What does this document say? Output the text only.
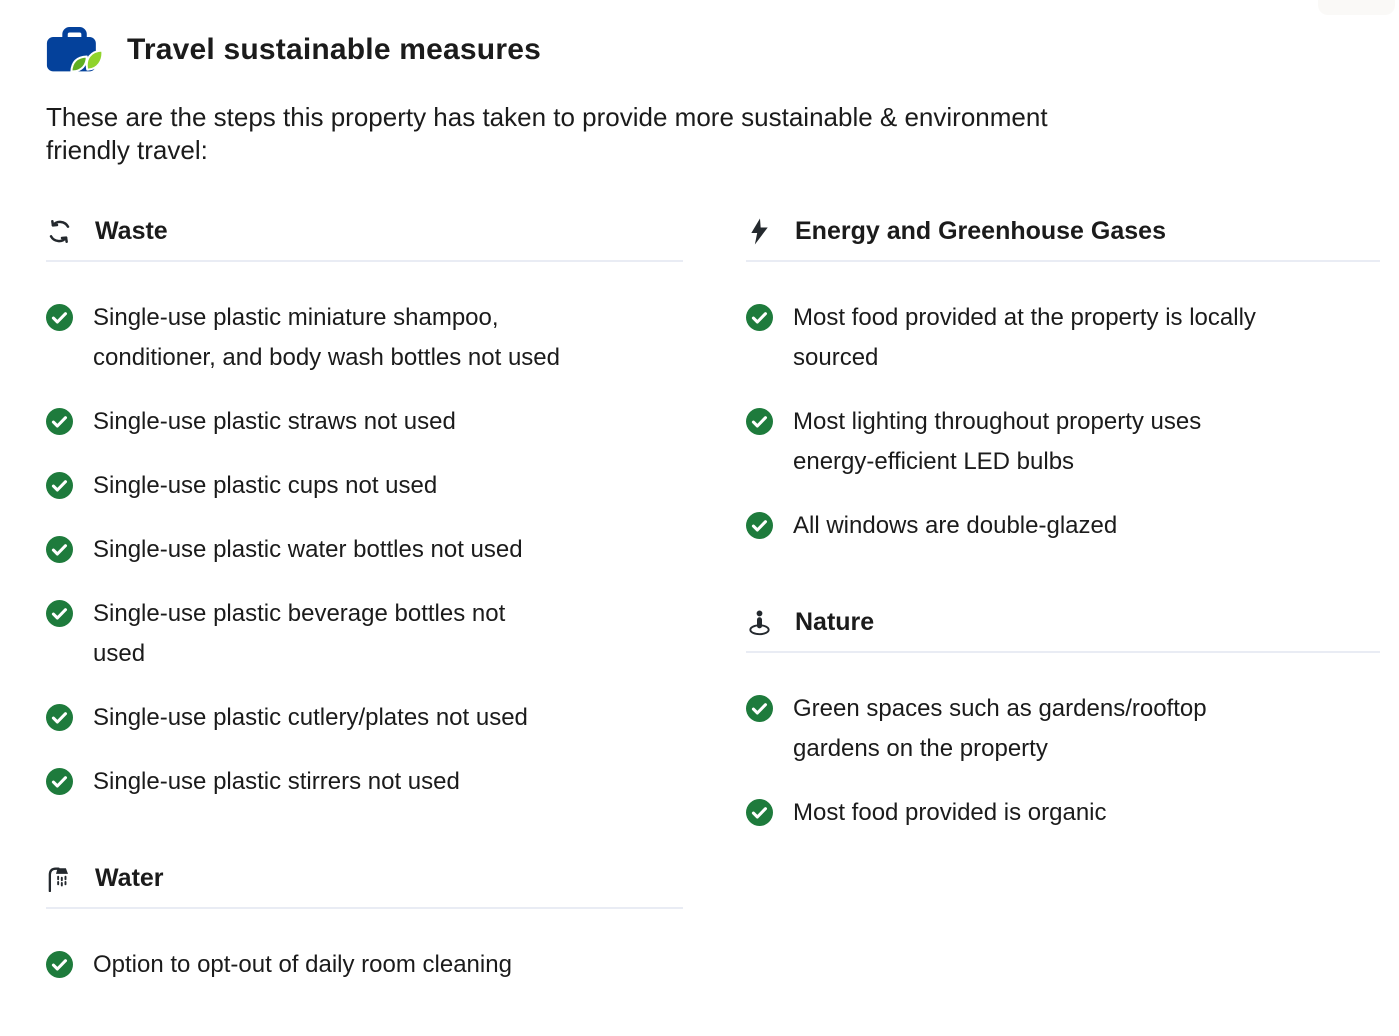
Travel sustainable measures
These are the steps this property has taken to provide more sustainable & environment friendly travel:
Waste
Single-use plastic miniature shampoo, conditioner, and body wash bottles not used
Single-use plastic straws not used
Single-use plastic cups not used
Single-use plastic water bottles not used
Single-use plastic beverage bottles not used
Single-use plastic cutlery/plates not used
Single-use plastic stirrers not used
Water
Option to opt-out of daily room cleaning
Energy and Greenhouse Gases
Most food provided at the property is locally sourced
Most lighting throughout property uses energy-efficient LED bulbs
All windows are double-glazed
Nature
Green spaces such as gardens/rooftop gardens on the property
Most food provided is organic
